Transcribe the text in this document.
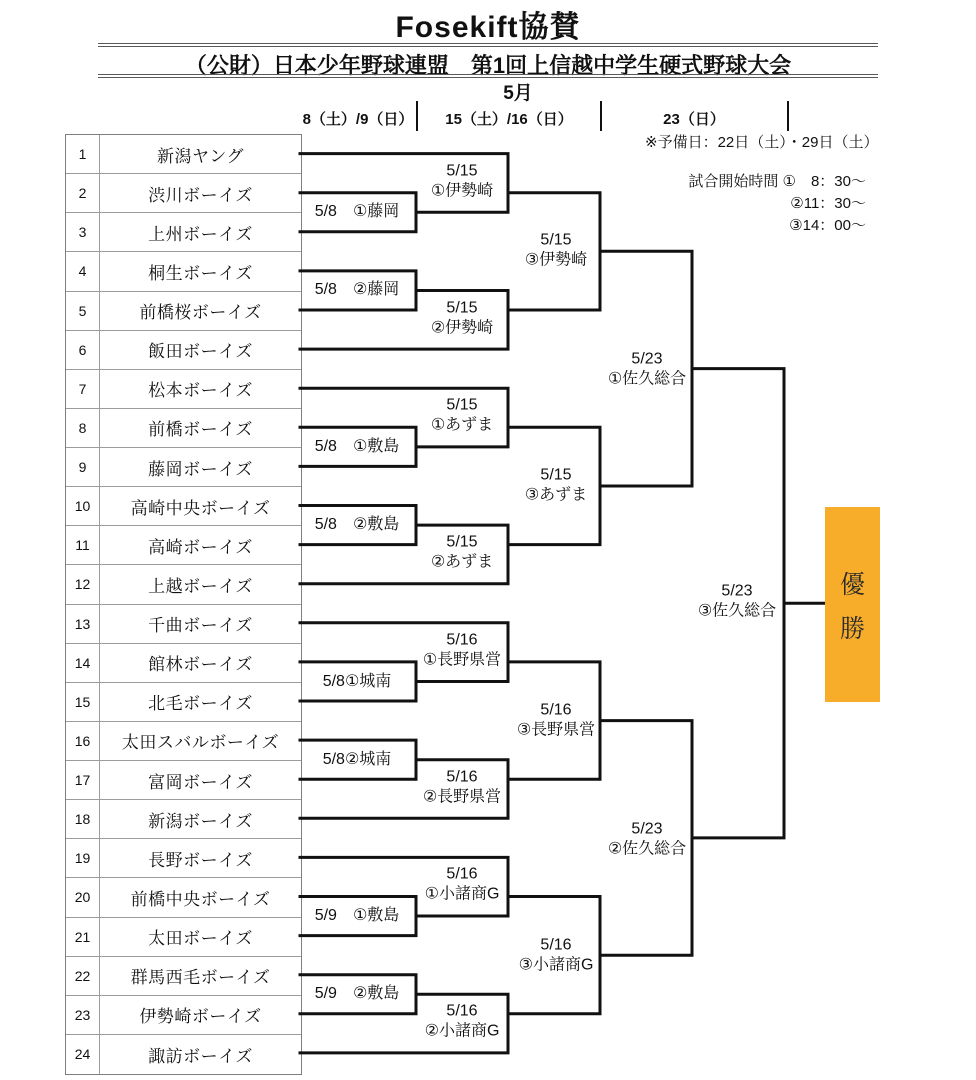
Fosekift協賛
（公財）日本少年野球連盟　第1回上信越中学生硬式野球大会
5月
8（土）/9（日） 15（土）/16（日）	23（日）
※予備日：22日（土）・29日（土）
試合開始時間 ①　8：30～
②11：30～
③14：00～
1	新潟ヤング
2	渋川ボーイズ
3	上州ボーイズ
4	桐生ボーイズ
5	前橋桜ボーイズ
6	飯田ボーイズ
7	松本ボーイズ
8	前橋ボーイズ
9	藤岡ボーイズ
10	高崎中央ボーイズ
11	高崎ボーイズ
12	上越ボーイズ
13	千曲ボーイズ
14	館林ボーイズ
15	北毛ボーイズ
16	太田スバルボーイズ
17	富岡ボーイズ
18	新潟ボーイズ
19	長野ボーイズ
20	前橋中央ボーイズ
21	太田ボーイズ
22	群馬西毛ボーイズ
23	伊勢崎ボーイズ
24	諏訪ボーイズ
5/8　①藤岡
5/8　②藤岡
5/8　①敷島
5/8　②敷島
5/8①城南
5/8②城南
5/9　①敷島
5/9　②敷島
5/15
①伊勢崎
5/15
②伊勢崎
5/15
①あずま
5/15
②あずま
5/16
①長野県営
5/16
②長野県営
5/16
①小諸商G
5/16
②小諸商G
5/15
③伊勢崎
5/15
③あずま
5/16
③長野県営
5/16
③小諸商G
5/23
①佐久総合
5/23
②佐久総合
5/23
③佐久総合
優
勝
